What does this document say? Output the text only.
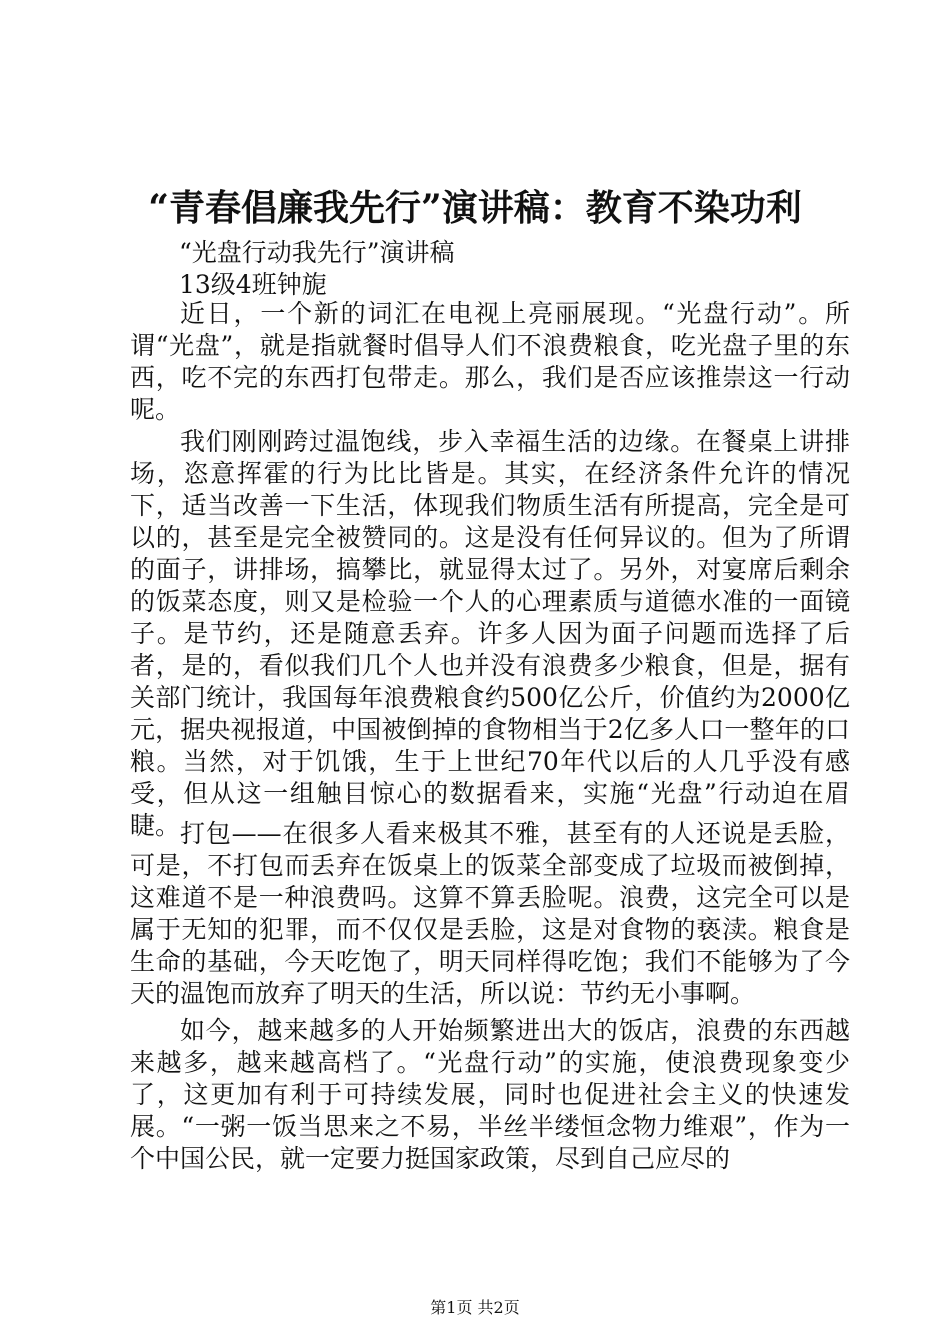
“青春倡廉我先行”演讲稿：教育不染功利
“光盘行动我先行”演讲稿
13级4班钟旎

近日，一个新的词汇在电视上亮丽展现。“光盘行动”。所谓“光盘”，就是指就餐时倡导人们不浪费粮食，吃光盘子里的东西，吃不完的东西打包带走。那么，我们是否应该推崇这一行动呢。

我们刚刚跨过温饱线，步入幸福生活的边缘。在餐桌上讲排场，恣意挥霍的行为比比皆是。其实，在经济条件允许的情况下，适当改善一下生活，体现我们物质生活有所提高，完全是可以的，甚至是完全被赞同的。这是没有任何异议的。但为了所谓的面子，讲排场，搞攀比，就显得太过了。另外，对宴席后剩余的饭菜态度，则又是检验一个人的心理素质与道德水准的一面镜子。是节约，还是随意丢弃。许多人因为面子问题而选择了后者，是的，看似我们几个人也并没有浪费多少粮食，但是，据有关部门统计，我国每年浪费粮食约500亿公斤，价值约为2000亿元，据央视报道，中国被倒掉的食物相当于2亿多人口一整年的口粮。当然，对于饥饿，生于上世纪70年代以后的人几乎没有感受，但从这一组触目惊心的数据看来，实施“光盘”行动迫在眉睫。 打包——在很多人看来极其不雅，甚至有的人还说是丢脸，可是，不打包而丢弃在饭桌上的饭菜全部变成了垃圾而被倒掉，这难道不是一种浪费吗。这算不算丢脸呢。浪费，这完全可以是属于无知的犯罪，而不仅仅是丢脸，这是对食物的亵渎。粮食是生命的基础，今天吃饱了，明天同样得吃饱；我们不能够为了今天的温饱而放弃了明天的生活，所以说：节约无小事啊。

如今，越来越多的人开始频繁进出大的饭店，浪费的东西越来越多，越来越高档了。“光盘行动”的实施，使浪费现象变少了，这更加有利于可持续发展，同时也促进社会主义的快速发展。“一粥一饭当思来之不易，半丝半缕恒念物力维艰”，作为一个中国公民，就一定要力挺国家政策，尽到自己应尽的

第1页 共2页
